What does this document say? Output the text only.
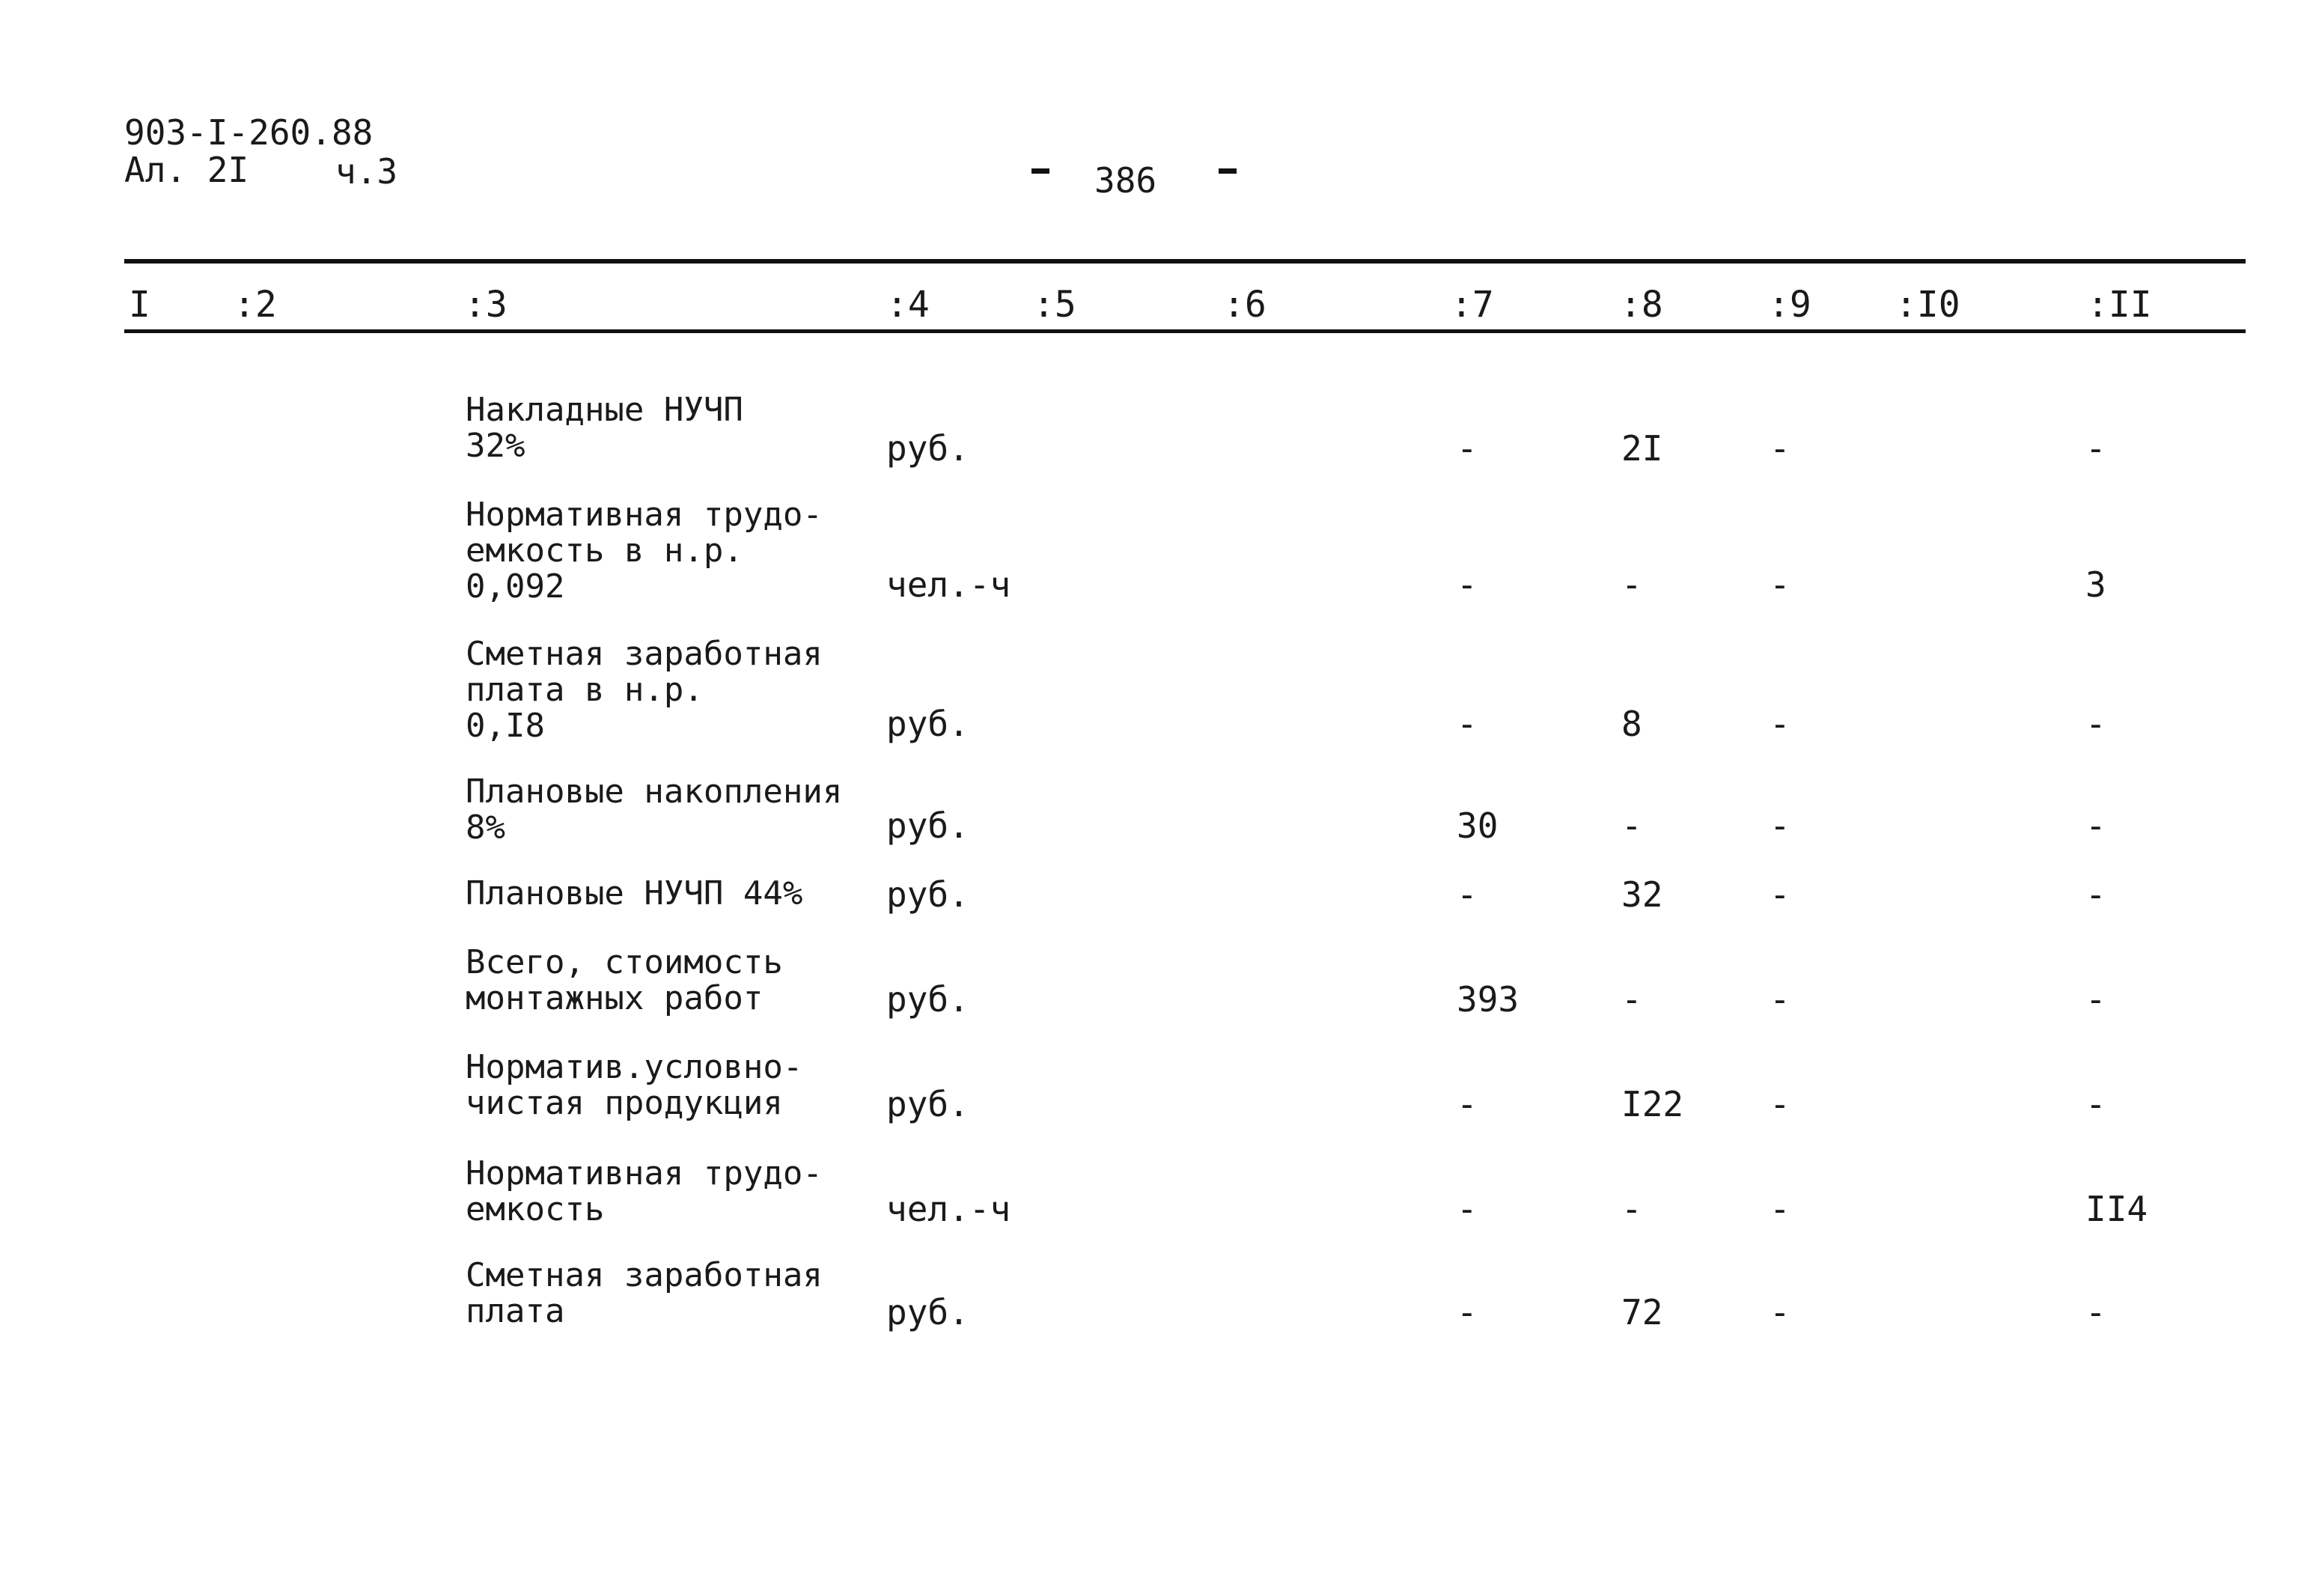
903-I-260.88
Ал. 2I	ч.3	386
I :2	:3	:4	:5	:6	:7	:8	:9 :I0	:II
Накладные НУЧП
32%	руб.	-	2I	-	-
Нормативная трудо-
емкость в н.р.
0,092	чел.-ч	-	-	-	3
Сметная заработная
плата в н.р.
0,I8	руб.	-	8	-	-
Плановые накопления
8%	руб.	30	-	-	-
Плановые НУЧП 44%	руб.	-	32	-	-
Всего, стоимость
монтажных работ	руб.	393	-	-	-
Норматив.условно-
чистая продукция	руб.	-	I22 -	-
Нормативная трудо-
емкость	чел.-ч	-	-	-	II4
Сметная заработная
плата	руб.	-	72	-	-
